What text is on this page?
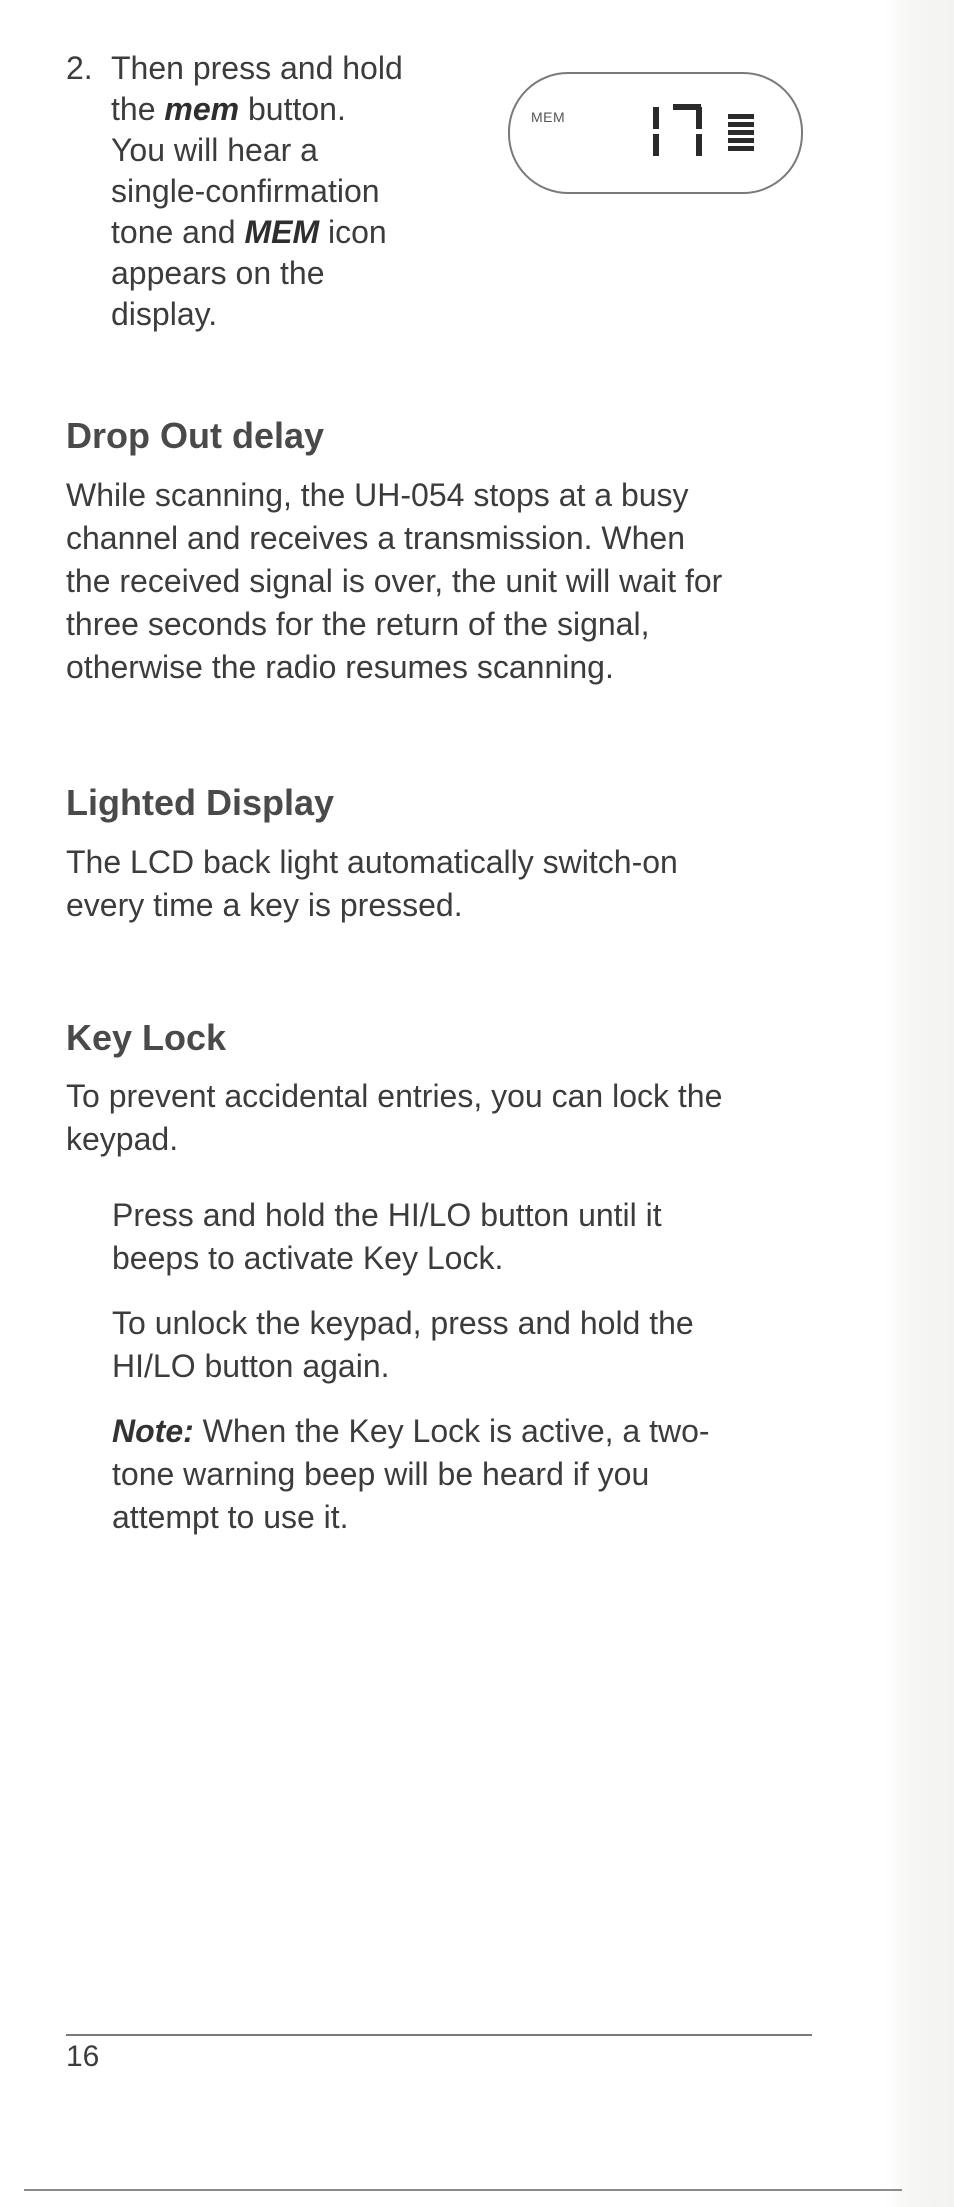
2. Then press and hold
the mem button.
You will hear a
single-confirmation
tone and MEM icon
appears on the
display.
MEM
Drop Out delay

While scanning, the UH-054 stops at a busy
channel and receives a transmission. When
the received signal is over, the unit will wait for
three seconds for the return of the signal,
otherwise the radio resumes scanning.

Lighted Display

The LCD back light automatically switch-on
every time a key is pressed.

Key Lock

To prevent accidental entries, you can lock the
keypad.

Press and hold the HI/LO button until it
beeps to activate Key Lock.

To unlock the keypad, press and hold the
HI/LO button again.

Note: When the Key Lock is active, a two-
tone warning beep will be heard if you
attempt to use it.

16
